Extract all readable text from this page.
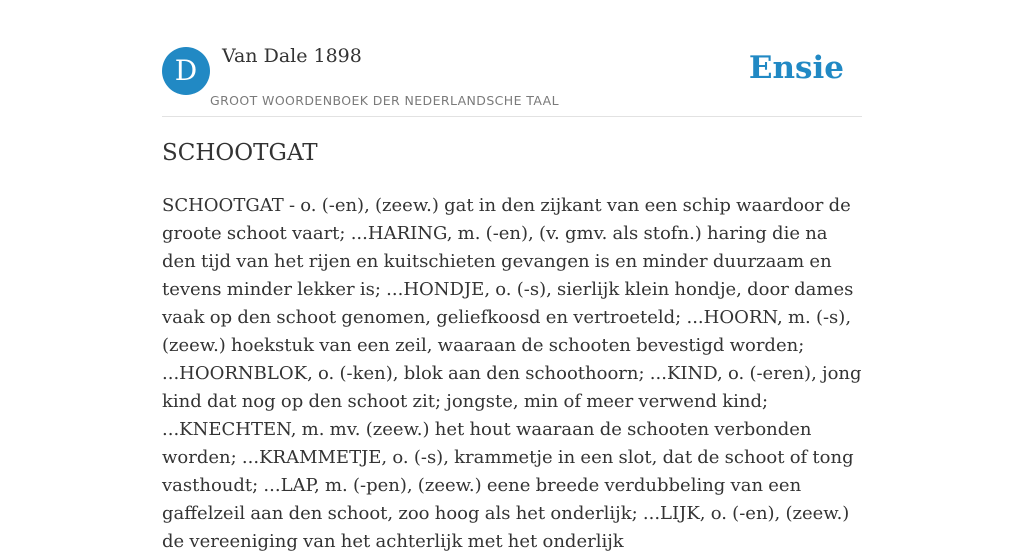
D	Van Dale 1898
GROOT WOORDENBOEK DER NEDERLANDSCHE TAAL
Ensie
SCHOOTGAT

SCHOOTGAT - o. (-en), (zeew.) gat in den zijkant van een schip waardoor de groote schoot vaart; ...HARING, m. (-en), (v. gmv. als stofn.) haring die na den tijd van het rijen en kuitschieten gevangen is en minder duurzaam en tevens minder lekker is; ...HONDJE, o. (-s), sierlijk klein hondje, door dames vaak op den schoot genomen, geliefkoosd en vertroeteld; ...HOORN, m. (-s), (zeew.) hoekstuk van een zeil, waaraan de schooten bevestigd worden; ...HOORNBLOK, o. (-ken), blok aan den schoothoorn; ...KIND, o. (-eren), jong kind dat nog op den schoot zit; jongste, min of meer verwend kind; ...KNECHTEN, m. mv. (zeew.) het hout waaraan de schooten verbonden worden; ...KRAMMETJE, o. (-s), krammetje in een slot, dat de schoot of tong vasthoudt; ...LAP, m. (-pen), (zeew.) eene breede verdubbeling van een gaffelzeil aan den schoot, zoo hoog als het onderlijk; ...LIJK, o. (-en), (zeew.) de vereeniging van het achterlijk met het onderlijk
